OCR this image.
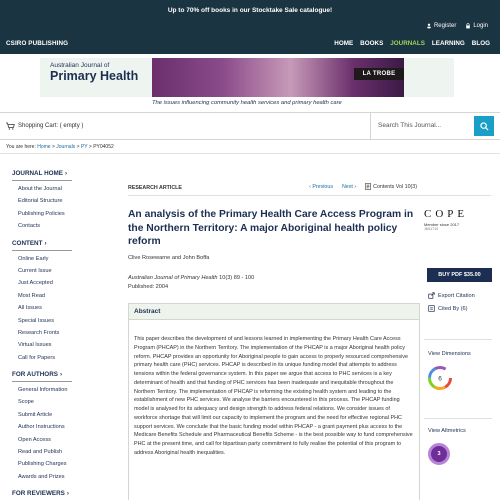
Up to 70% off books in our Stocktake Sale catalogue!
Register	Login
CSIRO PUBLISHING	HOME BOOKS JOURNALS LEARNING BLOG
Australian Journal of
Primary Health	LA TROBE
The issues influencing community health services and primary health care
Shopping Cart: ( empty )	Search This Journal...
You are here: Home > Journals > PY > PY04052
JOURNAL HOME ›
About the Journal
Editorial Structure
Publishing Policies
Contacts
CONTENT ›
Online Early
Current Issue
Just Accepted
Most Read
All Issues
Special Issues
Research Fronts
Virtual Issues
Call for Papers
FOR AUTHORS ›
General Information
Scope
Submit Article
Author Instructions
Open Access
Read and Publish
Publishing Charges
Awards and Prizes
FOR REVIEWERS ›
RESEARCH ARTICLE	‹ Previous Next ›	Contents Vol 10(3)
An analysis of the Primary Health Care Access Program in the Northern Territory: A major Aboriginal health policy reform
Clive Rosewarne and John Boffa
Australian Journal of Primary Health 10(3) 89 - 100
Published: 2004
Abstract
This paper describes the development of and lessons learned in implementing the Primary Health Care Access Program (PHCAP) in the Northern Territory. The implementation of the PHCAP is a major Aboriginal health policy reform. PHCAP provides an opportunity for Aboriginal people to gain access to properly resourced comprehensive primary health care (PHC) services. PHCAP is described in its unique funding model that attempts to address tensions within the federal governance system. In this paper we argue that access to PHC services is a key determinant of health and that funding of PHC services has been inadequate and inequitable throughout the Northern Territory. The implementation of PHCAP is reforming the existing health system and leading to the establishment of new PHC services. We analyse the barriers encountered in this process. The PHCAP funding model is analysed for its adequacy and design strength to address federal relations. We consider issues of workforce shortage that will limit our capacity to implement the program and the need for effective regional PHC support services. We conclude that the basic funding model within PHCAP - a grant payment plus access to the Medicare Benefits Schedule and Pharmaceutical Benefits Scheme - is the best possible way to fund comprehensive PHC at the present time, and call for bipartisan party commitment to fully realise the potential of this program to address Aboriginal health inequalities.
C O P E
Member since 2017
JM11710
BUY PDF $35.00
Export Citation
Cited By (6)
View Dimensions
6
View Altmetrics
3
